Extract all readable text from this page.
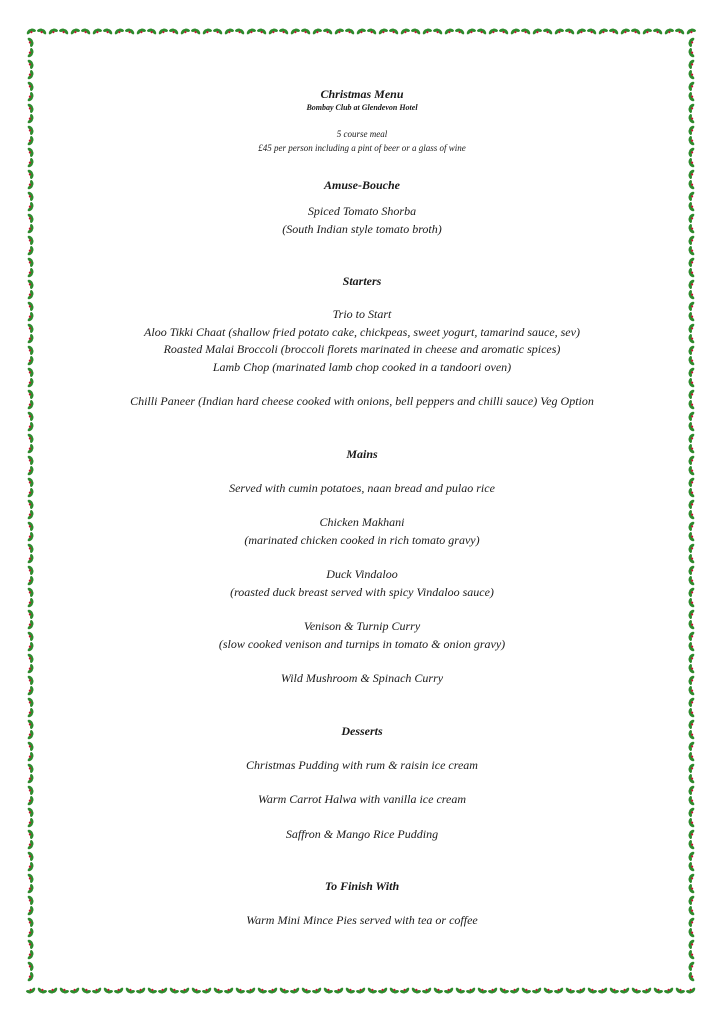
Christmas Menu

Bombay Club at Glendevon Hotel

5 course meal

£45 per person including a pint of beer or a glass of wine

Amuse-Bouche

Spiced Tomato Shorba

(South Indian style tomato broth)

Starters

Trio to Start

Aloo Tikki Chaat (shallow fried potato cake, chickpeas, sweet yogurt, tamarind sauce, sev)

Roasted Malai Broccoli (broccoli florets marinated in cheese and aromatic spices)

Lamb Chop (marinated lamb chop cooked in a tandoori oven)

Chilli Paneer (Indian hard cheese cooked with onions, bell peppers and chilli sauce) Veg Option

Mains

Served with cumin potatoes, naan bread and pulao rice

Chicken Makhani

(marinated chicken cooked in rich tomato gravy)

Duck Vindaloo

(roasted duck breast served with spicy Vindaloo sauce)

Venison & Turnip Curry

(slow cooked venison and turnips in tomato & onion gravy)

Wild Mushroom & Spinach Curry

Desserts

Christmas Pudding with rum & raisin ice cream

Warm Carrot Halwa with vanilla ice cream

Saffron & Mango Rice Pudding

To Finish With

Warm Mini Mince Pies served with tea or coffee
